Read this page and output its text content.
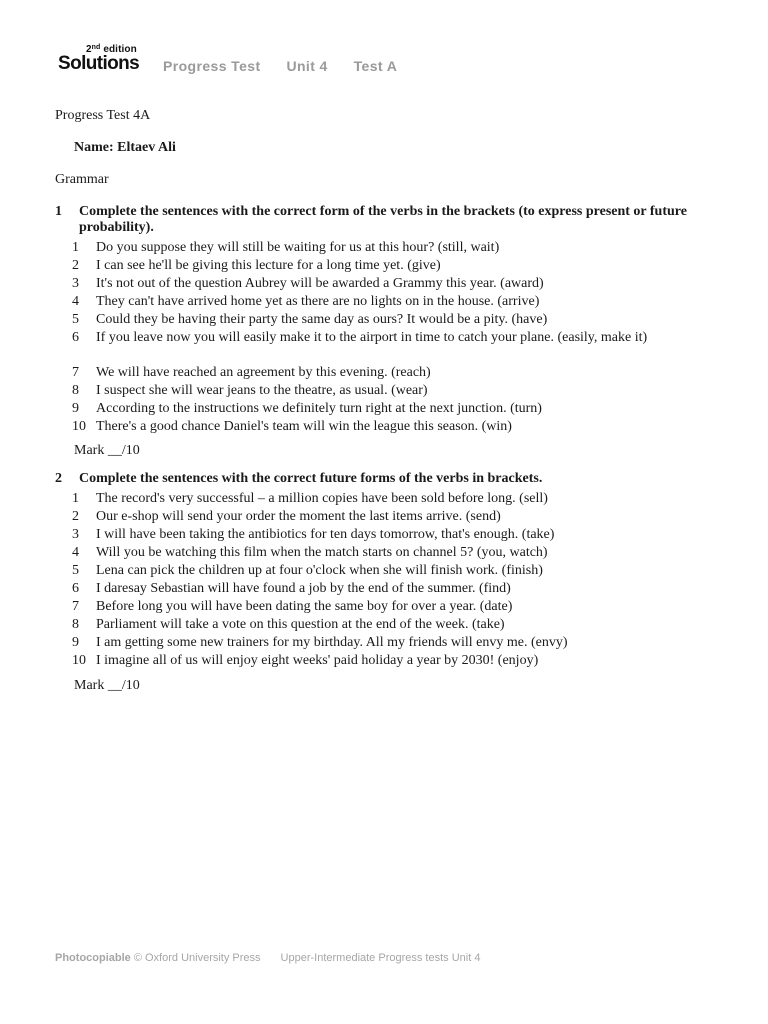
2nd edition
Solutions Progress Test Unit 4 Test A
Progress Test 4A
Name: Eltaev Ali
Grammar
1	Complete the sentences with the correct form of the verbs in the brackets (to express present or future probability).
1	Do you suppose they will still be waiting for us at this hour? (still, wait)
2	I can see he'll be giving this lecture for a long time yet. (give)
3	It's not out of the question Aubrey will be awarded a Grammy this year. (award)
4	They can't have arrived home yet as there are no lights on in the house. (arrive)
5	Could they be having their party the same day as ours? It would be a pity. (have)
6	If you leave now you will easily make it to the airport in time to catch your plane. (easily, make it)
7	We will have reached an agreement by this evening. (reach)
8	I suspect she will wear jeans to the theatre, as usual. (wear)
9	According to the instructions we definitely turn right at the next junction. (turn)
10 There's a good chance Daniel's team will win the league this season. (win)
Mark __/10
2	Complete the sentences with the correct future forms of the verbs in brackets.
1	The record's very successful – a million copies have been sold before long. (sell)
2	Our e-shop will send your order the moment the last items arrive. (send)
3	I will have been taking the antibiotics for ten days tomorrow, that's enough. (take)
4	Will you be watching this film when the match starts on channel 5? (you, watch)
5	Lena can pick the children up at four o'clock when she will finish work. (finish)
6	I daresay Sebastian will have found a job by the end of the summer. (find)
7	Before long you will have been dating the same boy for over a year. (date)
8	Parliament will take a vote on this question at the end of the week. (take)
9	I am getting some new trainers for my birthday. All my friends will envy me. (envy)
10 I imagine all of us will enjoy eight weeks' paid holiday a year by 2030! (enjoy)
Mark __/10
Photocopiable © Oxford University Press Upper-Intermediate Progress tests Unit 4
